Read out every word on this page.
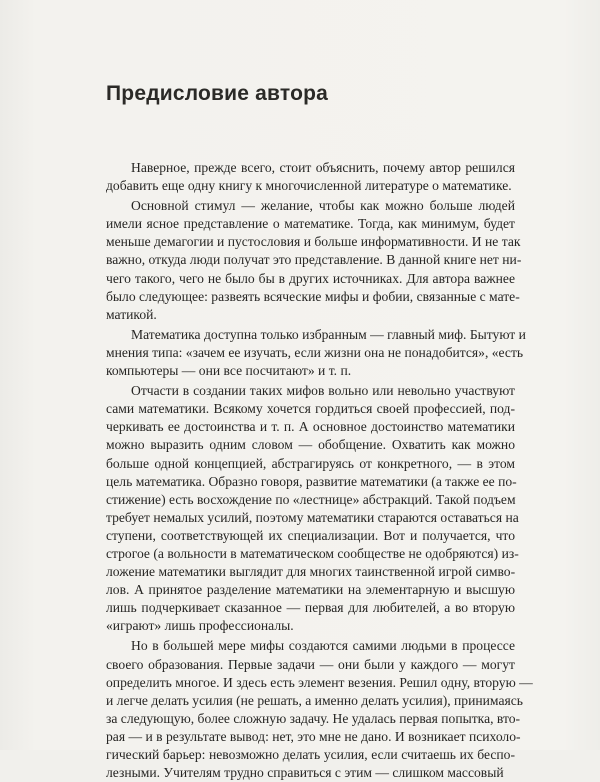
Предисловие автора
Наверное, прежде всего, стоит объяснить, почему автор решился
добавить еще одну книгу к многочисленной литературе о математике.
Основной стимул — желание, чтобы как можно больше людей
имели ясное представление о математике. Тогда, как минимум, будет
меньше демагогии и пустословия и больше информативности. И не так
важно, откуда люди получат это представление. В данной книге нет ни-
чего такого, чего не было бы в других источниках. Для автора важнее
было следующее: развеять всяческие мифы и фобии, связанные с мате-
матикой.
Математика доступна только избранным — главный миф. Бытуют и
мнения типа: «зачем ее изучать, если жизни она не понадобится», «есть
компьютеры — они все посчитают» и т. п.
Отчасти в создании таких мифов вольно или невольно участвуют
сами математики. Всякому хочется гордиться своей профессией, под-
черкивать ее достоинства и т. п. А основное достоинство математики
можно выразить одним словом — обобщение. Охватить как можно
больше одной концепцией, абстрагируясь от конкретного, — в этом
цель математика. Образно говоря, развитие математики (а также ее по-
стижение) есть восхождение по «лестнице» абстракций. Такой подъем
требует немалых усилий, поэтому математики стараются оставаться на
ступени, соответствующей их специализации. Вот и получается, что
строгое (а вольности в математическом сообществе не одобряются) из-
ложение математики выглядит для многих таинственной игрой симво-
лов. А принятое разделение математики на элементарную и высшую
лишь подчеркивает сказанное — первая для любителей, а во вторую
«играют» лишь профессионалы.
Но в большей мере мифы создаются самими людьми в процессе
своего образования. Первые задачи — они были у каждого — могут
определить многое. И здесь есть элемент везения. Решил одну, вторую —
и легче делать усилия (не решать, а именно делать усилия), принимаясь
за следующую, более сложную задачу. Не удалась первая попытка, вто-
рая — и в результате вывод: нет, это мне не дано. И возникает психоло-
гический барьер: невозможно делать усилия, если считаешь их беспо-
лезными. Учителям трудно справиться с этим — слишком массовый
